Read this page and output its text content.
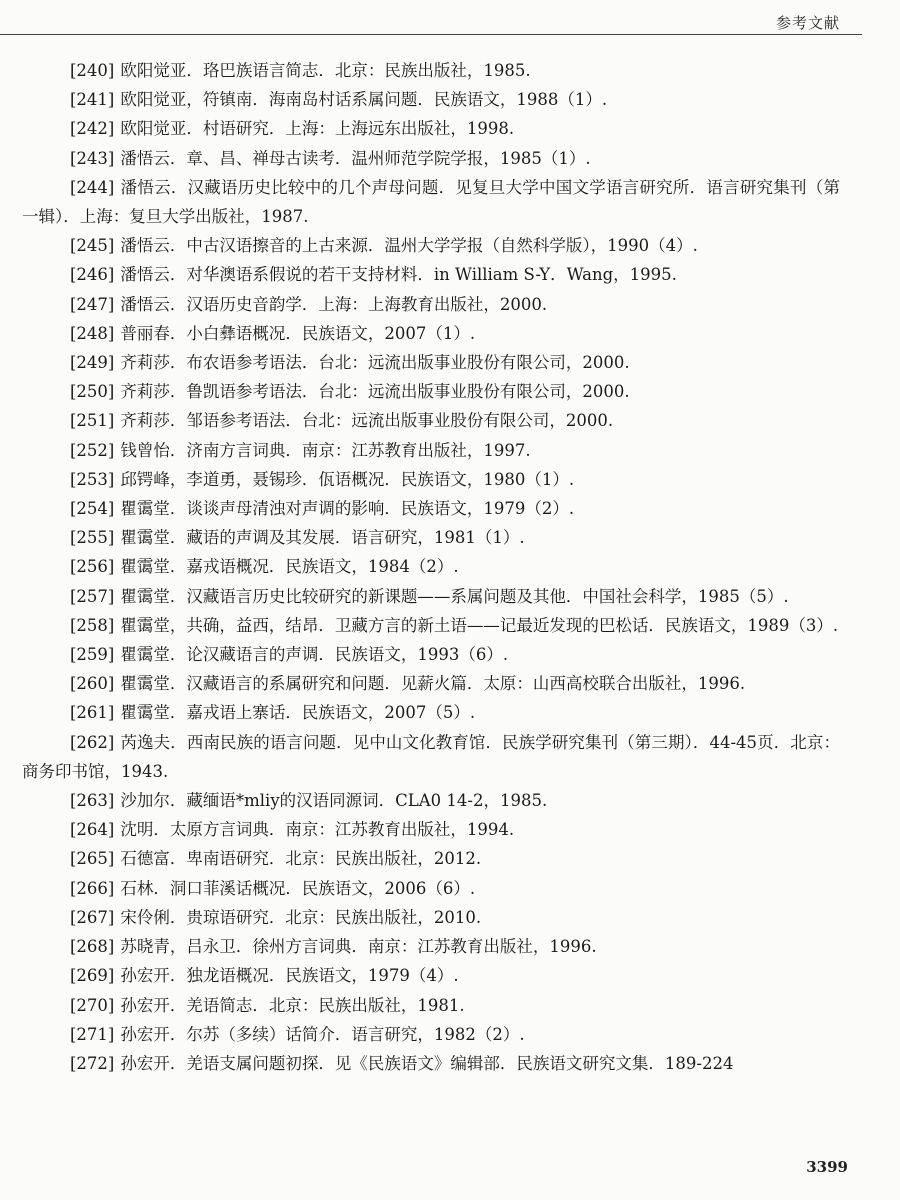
参考文献
[240] 欧阳觉亚．珞巴族语言简志．北京：民族出版社，1985.
[241] 欧阳觉亚，符镇南．海南岛村话系属问题．民族语文，1988（1）.
[242] 欧阳觉亚．村语研究．上海：上海远东出版社，1998.
[243] 潘悟云．章、昌、禅母古读考．温州师范学院学报，1985（1）.
[244] 潘悟云．汉藏语历史比较中的几个声母问题．见复旦大学中国文学语言研究所．语言研究集刊（第一辑）．上海：复旦大学出版社，1987.
[245] 潘悟云．中古汉语擦音的上古来源．温州大学学报（自然科学版），1990（4）.
[246] 潘悟云．对华澳语系假说的若干支持材料．in William S-Y．Wang，1995.
[247] 潘悟云．汉语历史音韵学．上海：上海教育出版社，2000.
[248] 普丽春．小白彝语概况．民族语文，2007（1）.
[249] 齐莉莎．布农语参考语法．台北：远流出版事业股份有限公司，2000.
[250] 齐莉莎．鲁凯语参考语法．台北：远流出版事业股份有限公司，2000.
[251] 齐莉莎．邹语参考语法．台北：远流出版事业股份有限公司，2000.
[252] 钱曾怡．济南方言词典．南京：江苏教育出版社，1997.
[253] 邱锷峰，李道勇，聂锡珍．佤语概况．民族语文，1980（1）.
[254] 瞿霭堂．谈谈声母清浊对声调的影响．民族语文，1979（2）.
[255] 瞿霭堂．藏语的声调及其发展．语言研究，1981（1）.
[256] 瞿霭堂．嘉戎语概况．民族语文，1984（2）.
[257] 瞿霭堂．汉藏语言历史比较研究的新课题——系属问题及其他．中国社会科学，1985（5）.
[258] 瞿霭堂，共确，益西，结昂．卫藏方言的新土语——记最近发现的巴松话．民族语文，1989（3）.
[259] 瞿霭堂．论汉藏语言的声调．民族语文，1993（6）.
[260] 瞿霭堂．汉藏语言的系属研究和问题．见薪火篇．太原：山西高校联合出版社，1996.
[261] 瞿霭堂．嘉戎语上寨话．民族语文，2007（5）.
[262] 芮逸夫．西南民族的语言问题．见中山文化教育馆．民族学研究集刊（第三期）．44-45页．北京：商务印书馆，1943.
[263] 沙加尔．藏缅语*mliy的汉语同源词．CLA0 14-2，1985.
[264] 沈明．太原方言词典．南京：江苏教育出版社，1994.
[265] 石德富．卑南语研究．北京：民族出版社，2012.
[266] 石林．洞口菲溪话概况．民族语文，2006（6）.
[267] 宋伶俐．贵琼语研究．北京：民族出版社，2010.
[268] 苏晓青，吕永卫．徐州方言词典．南京：江苏教育出版社，1996.
[269] 孙宏开．独龙语概况．民族语文，1979（4）.
[270] 孙宏开．羌语简志．北京：民族出版社，1981.
[271] 孙宏开．尔苏（多续）话简介．语言研究，1982（2）.
[272] 孙宏开．羌语支属问题初探．见《民族语文》编辑部．民族语文研究文集．189-224
3399
